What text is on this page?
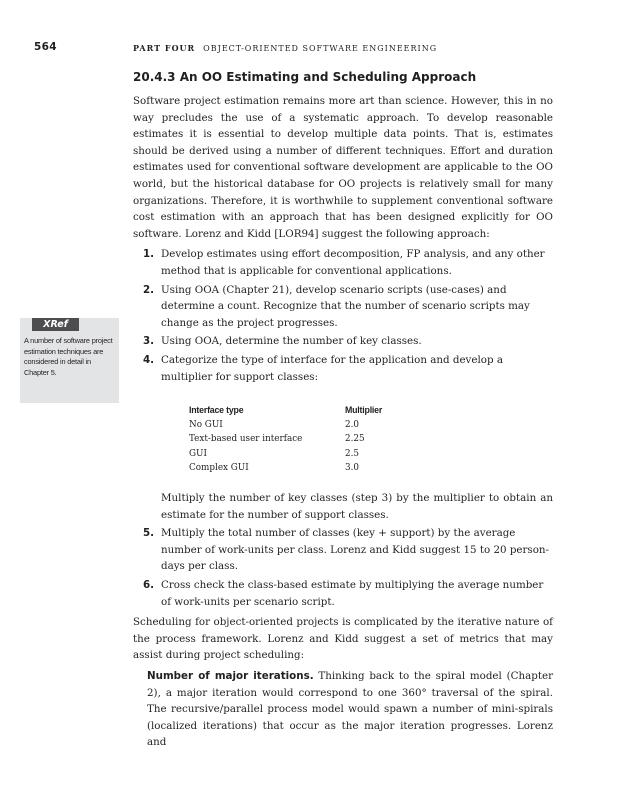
564	PART FOUR OBJECT-ORIENTED SOFTWARE ENGINEERING
20.4.3 An OO Estimating and Scheduling Approach
XRef
A number of software project estimation techniques are considered in detail in Chapter 5.

Software project estimation remains more art than science. However, this in no way precludes the use of a systematic approach. To develop reasonable estimates it is essential to develop multiple data points. That is, estimates should be derived using a number of different techniques. Effort and duration estimates used for conventional software development are applicable to the OO world, but the historical database for OO projects is relatively small for many organizations. Therefore, it is worthwhile to supplement conventional software cost estimation with an approach that has been designed explicitly for OO software. Lorenz and Kidd [LOR94] suggest the following approach:

1. Develop estimates using effort decomposition, FP analysis, and any other method that is applicable for conventional applications.
2. Using OOA (Chapter 21), develop scenario scripts (use-cases) and determine a count. Recognize that the number of scenario scripts may change as the project progresses.
3. Using OOA, determine the number of key classes.
4. Categorize the type of interface for the application and develop a multiplier for support classes:
Interface type	Multiplier
No GUI	2.0
Text-based user interface	2.25
GUI	2.5
Complex GUI	3.0

Multiply the number of key classes (step 3) by the multiplier to obtain an estimate for the number of support classes.

5. Multiply the total number of classes (key + support) by the average number of work-units per class. Lorenz and Kidd suggest 15 to 20 person-days per class.
6. Cross check the class-based estimate by multiplying the average number of work-units per scenario script.

Scheduling for object-oriented projects is complicated by the iterative nature of the process framework. Lorenz and Kidd suggest a set of metrics that may assist during project scheduling:

Number of major iterations. Thinking back to the spiral model (Chapter 2), a major iteration would correspond to one 360° traversal of the spiral. The recursive/parallel process model would spawn a number of mini-spirals (localized iterations) that occur as the major iteration progresses. Lorenz and
